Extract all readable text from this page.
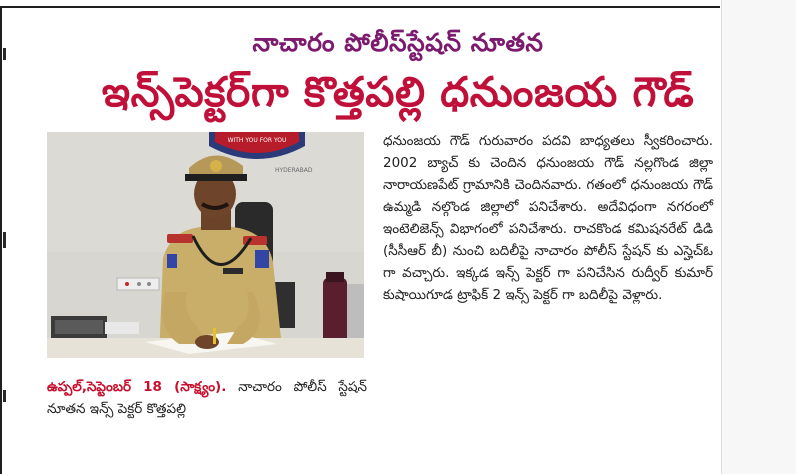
నాచారం పోలీస్‌స్టేషన్ నూతన
ఇన్స్‌పెక్టర్‌గా కొత్తపల్లి ధనుంజయ గౌడ్
WITH YOU FOR YOU
HYDERABAD
ఉప్పల్,సెప్టెంబర్ 18 (సాక్ష్యం). నాచారం పోలీస్ స్టేషన్ నూతన ఇన్స్ పెక్టర్ కొత్తపల్లి
ధనుంజయ గౌడ్ గురువారం పదవి బాధ్యతలు స్వీకరించారు. 2002 బ్యాచ్ కు చెందిన ధనుంజయ గౌడ్ నల్లగొండ జిల్లా నారాయణపేట్ గ్రామానికి చెందినవారు. గతంలో ధనుంజయ గౌడ్ ఉమ్మడి నల్గొండ జిల్లాలో పనిచేశారు. అదేవిధంగా నగరంలో ఇంటెలిజెన్స్ విభాగంలో పనిచేశారు. రాచకొండ కమిషనరేట్ డిడి (సీసీఆర్ బీ) నుంచి బదిలీపై నాచారం పోలీస్ స్టేషన్ కు ఎస్హెచ్ఓ గా వచ్చారు. ఇక్కడ ఇన్స్ పెక్టర్ గా పనిచేసిన రుద్వీర్ కుమార్ కుషాయిగూడ ట్రాఫిక్ 2 ఇన్స్ పెక్టర్ గా బదిలీపై వెళ్లారు.
